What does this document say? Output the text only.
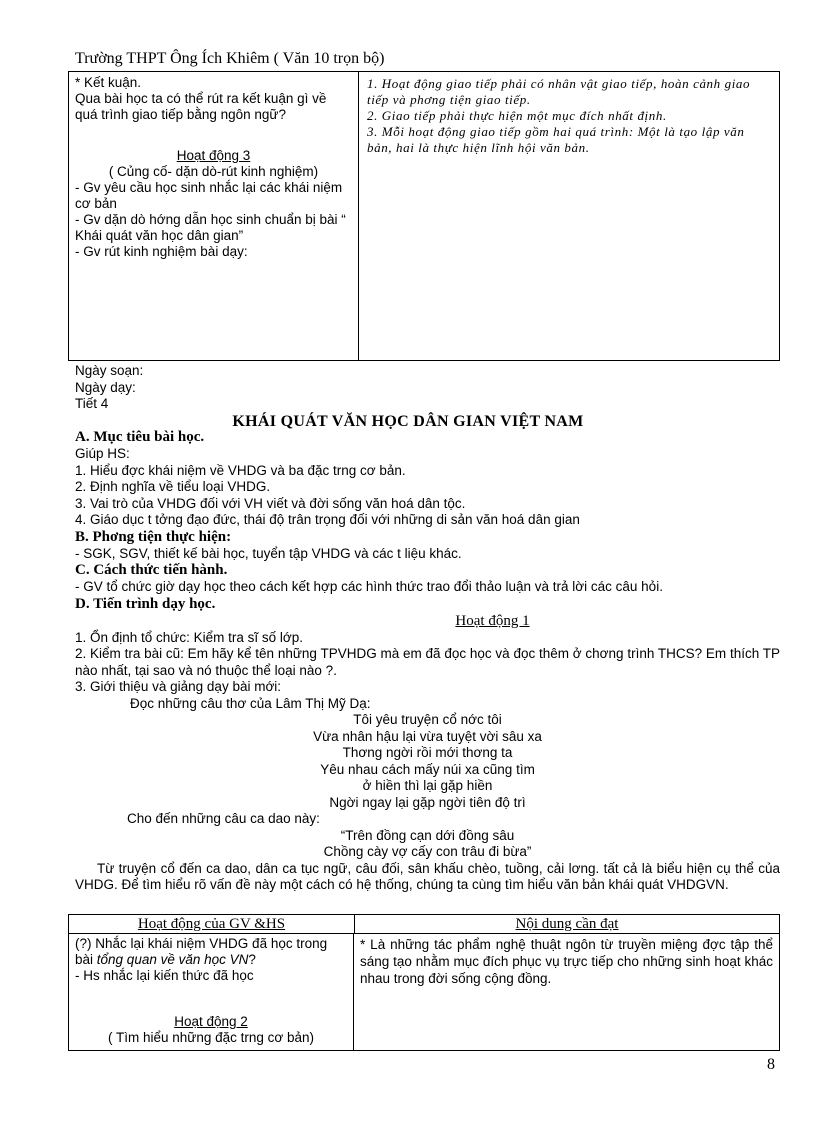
Trường THPT Ông Ích Khiêm ( Văn 10 trọn bộ)
* Kết kuận.
Qua bài học ta có thể rút ra kết kuận gì về quá trình giao tiếp bằng ngôn ngữ?
Hoạt động 3
( Củng cố- dặn dò-rút kinh nghiệm)
- Gv yêu cầu học sinh nhắc lại các khái niệm cơ bản
- Gv dặn dò hớng dẫn học sinh chuẩn bị bài “ Khái quát văn học dân gian”
- Gv rút kinh nghiệm bài dạy:
1. Hoạt động giao tiếp phải có nhân vật giao tiếp, hoàn cảnh giao tiếp và phơng tiện giao tiếp.
2. Giao tiếp phải thực hiện một mục đích nhất định.
3. Mỗi hoạt động giao tiếp gồm hai quá trình: Một là tạo lập văn bản, hai là thực hiện lĩnh hội văn bản.
Ngày soạn:
Ngày dạy:
Tiết 4
KHÁI QUÁT VĂN HỌC DÂN GIAN VIỆT NAM
A. Mục tiêu bài học.
Giúp HS:
1. Hiểu đợc khái niệm về VHDG và ba đặc trng cơ bản.
2. Định nghĩa về tiểu loại VHDG.
3. Vai trò của VHDG đối với VH viết và đời sống văn hoá dân tộc.
4. Giáo dục t tởng đạo đức, thái độ trân trọng đối với những di sản văn hoá dân gian
B. Phơng tiện thực hiện:
- SGK, SGV, thiết kế bài học, tuyển tập VHDG và các t liệu khác.
C. Cách thức tiến hành.
- GV tổ chức giờ dạy học theo cách kết hợp các hình thức trao đổi thảo luận và trả lời các câu hỏi.
D. Tiến trình dạy học.
Hoạt động 1
1. Ổn định tổ chức: Kiểm tra sĩ số lớp.
2. Kiểm tra bài cũ: Em hãy kể tên những TPVHDG mà em đã đọc học và đọc thêm ở chơng trình THCS? Em thích TP nào nhất, tại sao và nó thuộc thể loại nào ?.
3. Giới thiệu và giảng dạy bài mới:
Đọc những câu thơ của Lâm Thị Mỹ Dạ:
Tôi yêu truyện cổ nớc tôi
Vừa nhân hậu lại vừa tuyệt vời sâu xa
Thơng ngời rồi mới thơng ta
Yêu nhau cách mấy núi xa cũng tìm
ở hiền thì lại gặp hiền
Ngời ngay lại gặp ngời tiên độ trì
Cho đến những câu ca dao này:
“Trên đồng cạn dới đồng sâu
Chồng cày vợ cấy con trâu đi bừa”
Từ truyện cổ đến ca dao, dân ca tục ngữ, câu đối, sân khấu chèo, tuồng, cải lơng. tất cả là biểu hiện cụ thể của VHDG. Để tìm hiểu rõ vấn đề này một cách có hệ thống, chúng ta cùng tìm hiểu văn bản khái quát VHDGVN.
Hoạt động của GV &HS	Nội dung cần đạt
(?) Nhắc lại khái niệm VHDG đã học trong bài tổng quan về văn học VN?
- Hs nhắc lại kiến thức đã học
Hoạt động 2
( Tìm hiểu những đặc trng cơ bản)
* Là những tác phẩm nghệ thuật ngôn từ truyền miệng đợc tập thể sáng tạo nhằm mục đích phục vụ trực tiếp cho những sinh hoạt khác nhau trong đời sống cộng đồng.
8
